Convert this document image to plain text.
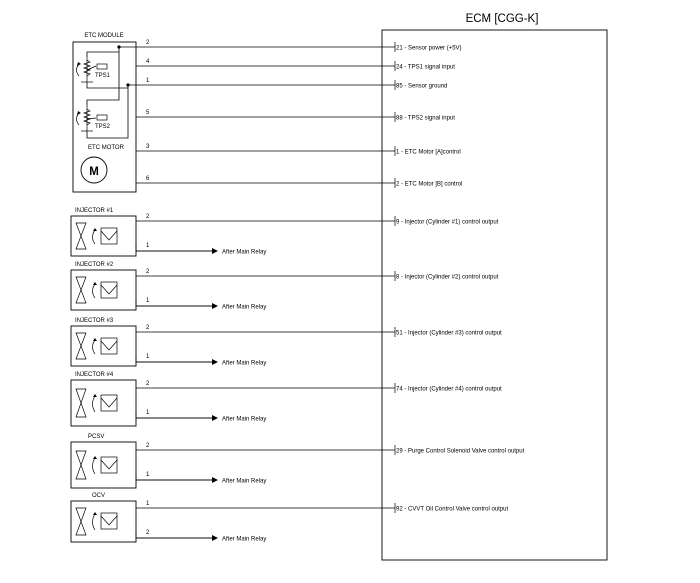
ECM [CGG-K]
ETC MODULE
TPS1
TPS2
ETC MOTOR
M
INJECTOR #1
INJECTOR #2
INJECTOR #3
INJECTOR #4
PCSV
OCV
2
21 - Sensor power (+5V)
4
24 - TPS1 signal input
1
85 - Sensor ground
5
88 - TPS2 signal input
3
1 - ETC Motor [A]control
6
2 - ETC Motor [B] control
2
9 - Injector (Cylinder #1) control output
2
8 - Injector (Cylinder #2) control output
2
51 - Injector (Cylinder #3) control output
2
74 - Injector (Cylinder #4) control output
2
29 - Purge Control Solenoid Valve control output
1
92 - CVVT Oil Control Valve control output
1
After Main Relay
1
After Main Relay
1
After Main Relay
1
After Main Relay
1
After Main Relay
2
After Main Relay
